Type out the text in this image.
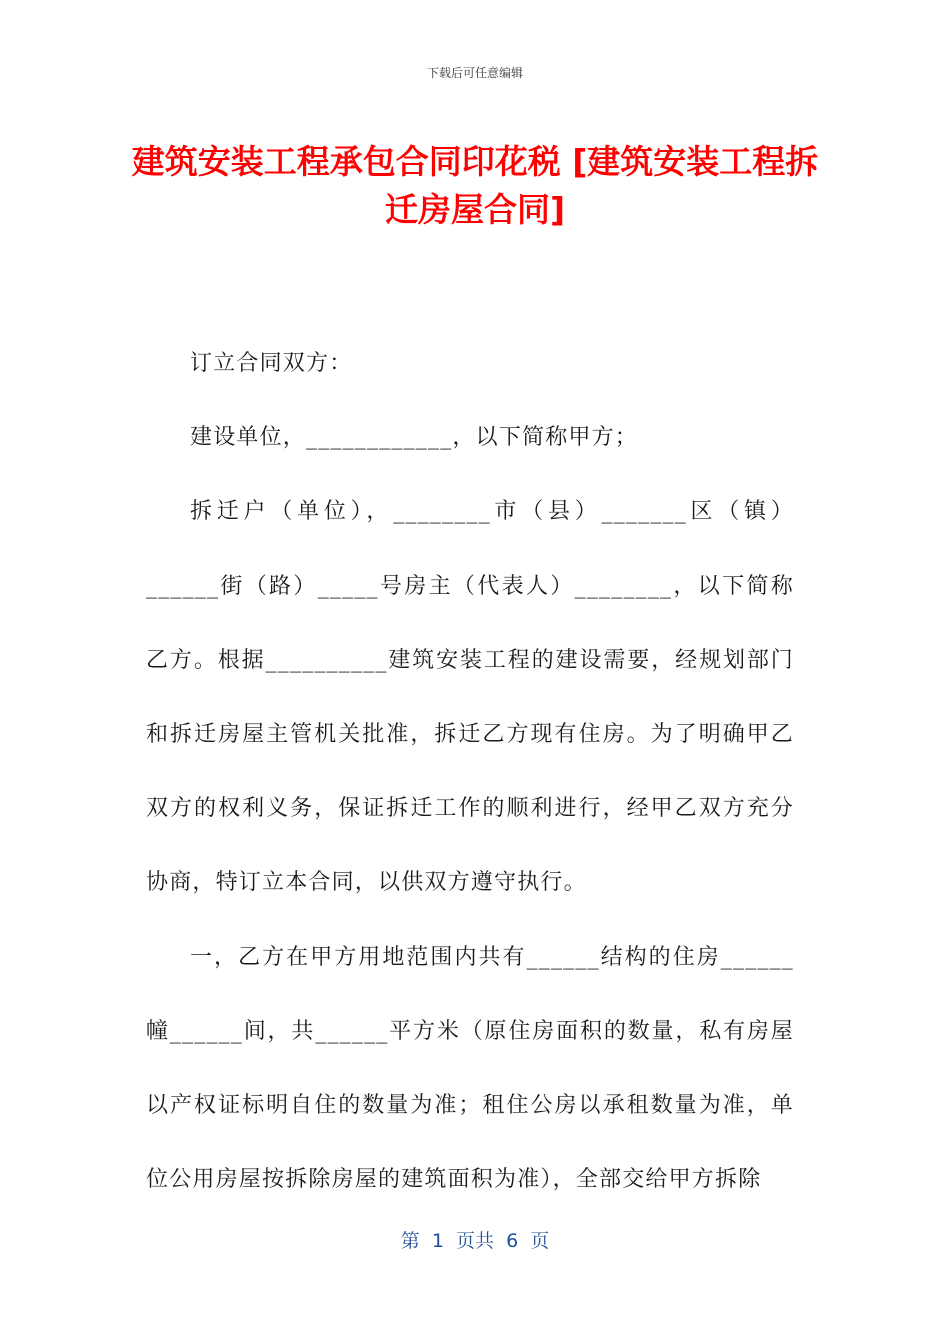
下载后可任意编辑
建筑安装工程承包合同印花税 [建筑安装工程拆迁房屋合同]

订立合同双方：

建设单位，____________，以下简称甲方；

拆迁户（单位），________市（县）_______区（镇）______街（路）_____号房主（代表人）________，以下简称乙方。根据__________建筑安装工程的建设需要，经规划部门和拆迁房屋主管机关批准，拆迁乙方现有住房。为了明确甲乙双方的权利义务，保证拆迁工作的顺利进行，经甲乙双方充分协商，特订立本合同，以供双方遵守执行。

一，乙方在甲方用地范围内共有______结构的住房______幢______间，共______平方米（原住房面积的数量，私有房屋以产权证标明自住的数量为准；租住公房以承租数量为准，单位公用房屋按拆除房屋的建筑面积为准），全部交给甲方拆除

第  1  页共  6  页
